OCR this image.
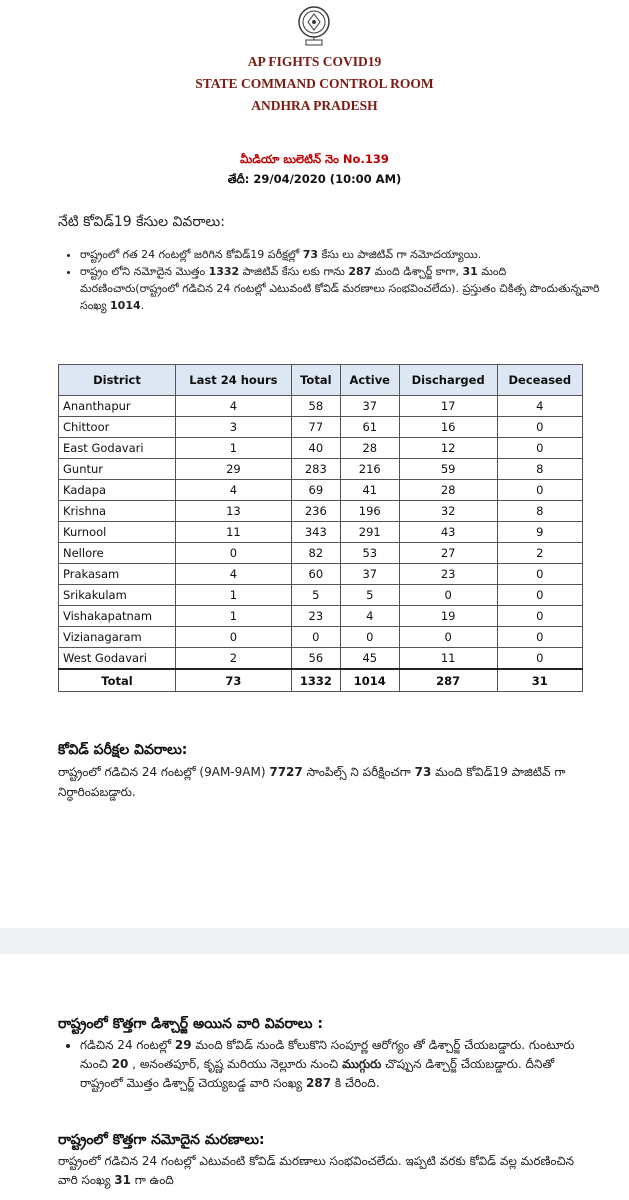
AP FIGHTS COVID19
STATE COMMAND CONTROL ROOM
ANDHRA PRADESH
మీడియా బులెటిన్ నెం No.139
తేదీ: 29/04/2020 (10:00 AM)
నేటి కోవిడ్19 కేసుల వివరాలు:
• రాష్ట్రంలో గత 24 గంటల్లో జరిగిన కోవిడ్19 పరీక్షల్లో 73 కేసు లు పాజిటివ్ గా నమోదయ్యాయి.
• రాష్ట్రం లోని నమోదైన మొత్తం 1332 పాజిటివ్ కేసు లకు గాను 287 మంది డిశ్చార్జ్ కాగా, 31 మంది మరణించారు(రాష్ట్రంలో గడిచిన 24 గంటల్లో ఎటువంటి కోవిడ్ మరణాలు సంభవించలేదు). ప్రస్తుతం చికిత్స పొందుతున్నవారి సంఖ్య 1014.
District	Last 24 hours	Total	Active	Discharged	Deceased
Ananthapur	4	58	37	17	4
Chittoor	3	77	61	16	0
East Godavari	1	40	28	12	0
Guntur	29	283	216	59	8
Kadapa	4	69	41	28	0
Krishna	13	236	196	32	8
Kurnool	11	343	291	43	9
Nellore	0	82	53	27	2
Prakasam	4	60	37	23	0
Srikakulam	1	5	5	0	0
Vishakapatnam	1	23	4	19	0
Vizianagaram	0	0	0	0	0
West Godavari	2	56	45	11	0
Total	73	1332	1014	287	31
కోవిడ్ పరీక్షల వివరాలు:
రాష్ట్రంలో గడిచిన 24 గంటల్లో (9AM-9AM) 7727 సాంపిల్స్ ని పరీక్షించగా 73 మంది కోవిడ్19 పాజిటివ్ గా నిర్ధారింపబడ్డారు.
రాష్ట్రంలో కొత్తగా డిశ్చార్జ్ అయిన వారి వివరాలు :
• గడిచిన 24 గంటల్లో 29 మంది కోవిడ్ నుండి కోలుకొని సంపూర్ణ ఆరోగ్యం తో డిశ్చార్జ్ చేయబడ్డారు. గుంటూరు నుంచి 20 , అనంతపూర్, కృష్ణ మరియు నెల్లూరు నుంచి ముగ్గురు చొప్పున డిశ్చార్జ్ చేయబడ్డారు. దీనితో రాష్ట్రంలో మొత్తం డిశ్చార్జ్ చెయ్యబడ్డ వారి సంఖ్య 287 కి చేరింది.
రాష్ట్రంలో కొత్తగా నమోదైన మరణాలు:
రాష్ట్రంలో గడిచిన 24 గంటల్లో ఎటువంటి కోవిడ్ మరణాలు సంభవించలేదు. ఇప్పటి వరకు కోవిడ్ వల్ల మరణించిన వారి సంఖ్య 31 గా ఉంది
